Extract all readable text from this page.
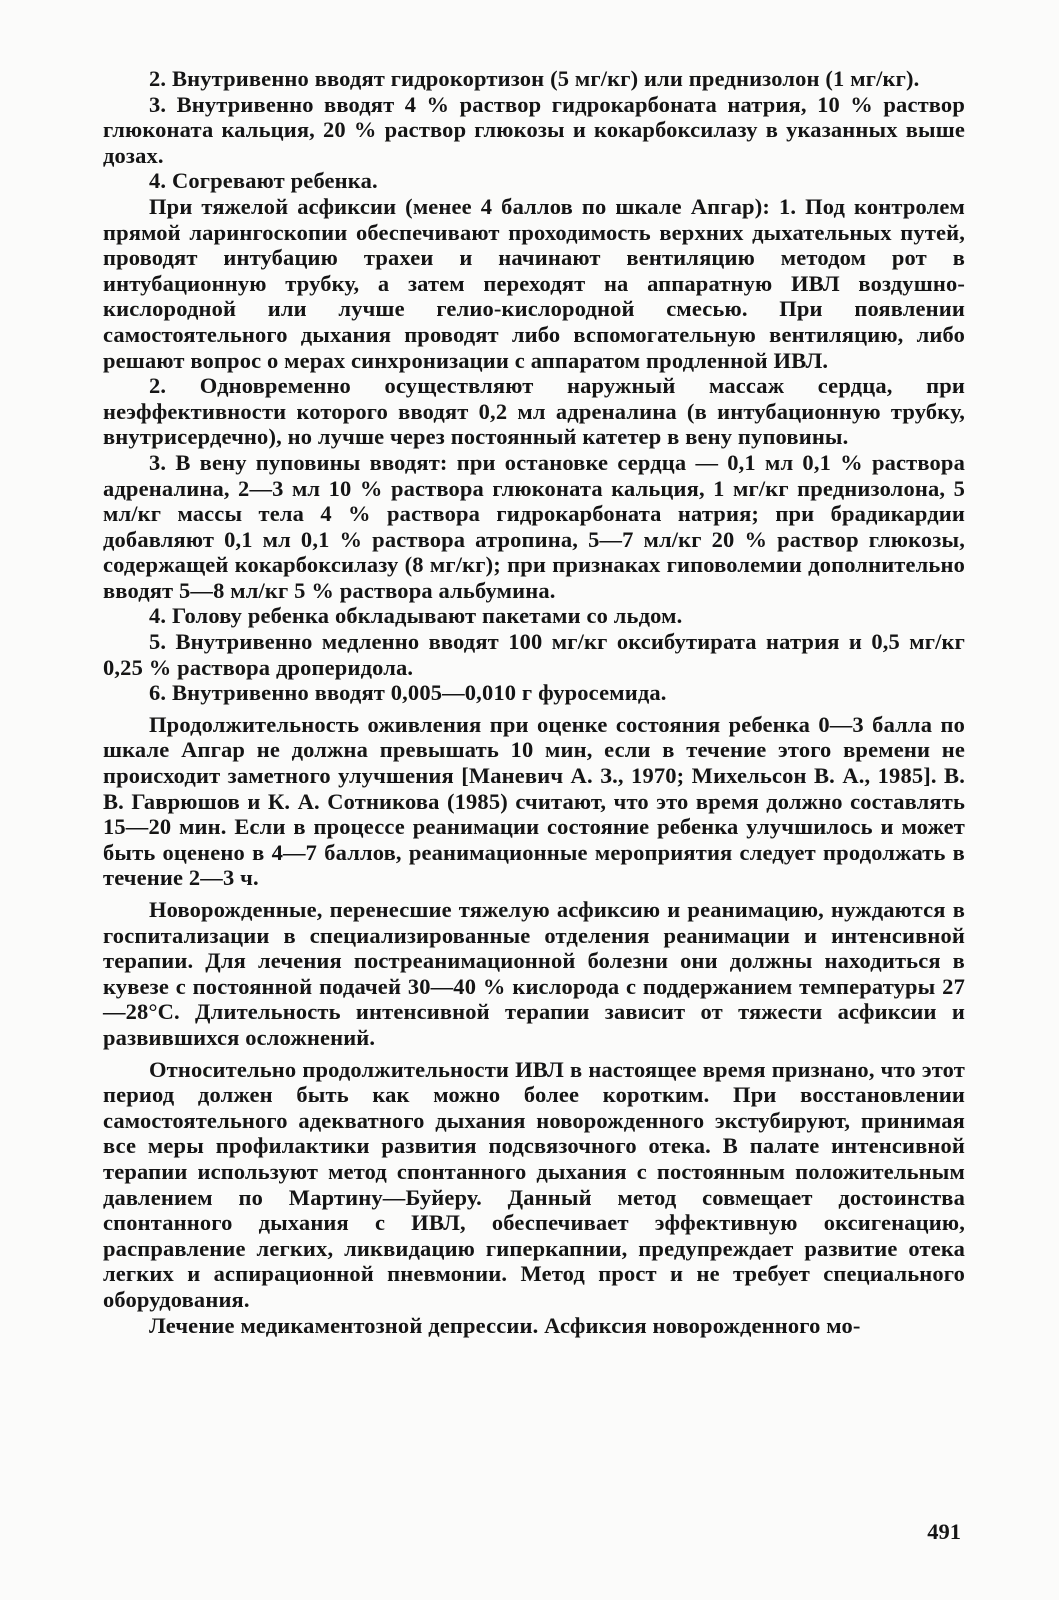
2. Внутривенно вводят гидрокортизон (5 мг/кг) или преднизолон (1 мг/кг).

3. Внутривенно вводят 4 % раствор гидрокарбоната натрия, 10 % раствор глюконата кальция, 20 % раствор глюкозы и кокарбоксилазу в указанных выше дозах.

4. Согревают ребенка.

При тяжелой асфиксии (менее 4 баллов по шкале Апгар): 1. Под контролем прямой ларингоскопии обеспечивают проходимость верхних дыхательных путей, проводят интубацию трахеи и начинают вентиляцию методом рот в интубационную трубку, а затем переходят на аппаратную ИВЛ воздушно-кислородной или лучше гелио-кислородной смесью. При появлении самостоятельного дыхания проводят либо вспомогательную вентиляцию, либо решают вопрос о мерах синхронизации с аппаратом продленной ИВЛ.

2. Одновременно осуществляют наружный массаж сердца, при неэффективности которого вводят 0,2 мл адреналина (в интубационную трубку, внутрисердечно), но лучше через постоянный катетер в вену пуповины.

3. В вену пуповины вводят: при остановке сердца — 0,1 мл 0,1 % раствора адреналина, 2—3 мл 10 % раствора глюконата кальция, 1 мг/кг преднизолона, 5 мл/кг массы тела 4 % раствора гидрокарбоната натрия; при брадикардии добавляют 0,1 мл 0,1 % раствора атропина, 5—7 мл/кг 20 % раствор глюкозы, содержащей кокарбоксилазу (8 мг/кг); при признаках гиповолемии дополнительно вводят 5—8 мл/кг 5 % раствора альбумина.

4. Голову ребенка обкладывают пакетами со льдом.

5. Внутривенно медленно вводят 100 мг/кг оксибутирата натрия и 0,5 мг/кг 0,25 % раствора дроперидола.

6. Внутривенно вводят 0,005—0,010 г фуросемида.

Продолжительность оживления при оценке состояния ребенка 0—3 балла по шкале Апгар не должна превышать 10 мин, если в течение этого времени не происходит заметного улучшения [Маневич А. З., 1970; Михельсон В. А., 1985]. В. В. Гаврюшов и К. А. Сотникова (1985) считают, что это время должно составлять 15—20 мин. Если в процессе реанимации состояние ребенка улучшилось и может быть оценено в 4—7 баллов, реанимационные мероприятия следует продолжать в течение 2—3 ч.

Новорожденные, перенесшие тяжелую асфиксию и реанимацию, нуждаются в госпитализации в специализированные отделения реанимации и интенсивной терапии. Для лечения постреанимационной болезни они должны находиться в кувезе с постоянной подачей 30—40 % кислорода с поддержанием температуры 27—28°С. Длительность интенсивной терапии зависит от тяжести асфиксии и развившихся осложнений.

Относительно продолжительности ИВЛ в настоящее время признано, что этот период должен быть как можно более коротким. При восстановлении самостоятельного адекватного дыхания новорожденного экстубируют, принимая все меры профилактики развития подсвязочного отека. В палате интенсивной терапии используют метод спонтанного дыхания с постоянным положительным давлением по Мартину—Буйеру. Данный метод совмещает достоинства спонтанного дыхания с ИВЛ, обеспечивает эффективную оксигенацию, расправление легких, ликвидацию гиперкапнии, предупреждает развитие отека легких и аспирационной пневмонии. Метод прост и не требует специального оборудования.

Лечение медикаментозной депрессии. Асфиксия новорожденного мо-

491
